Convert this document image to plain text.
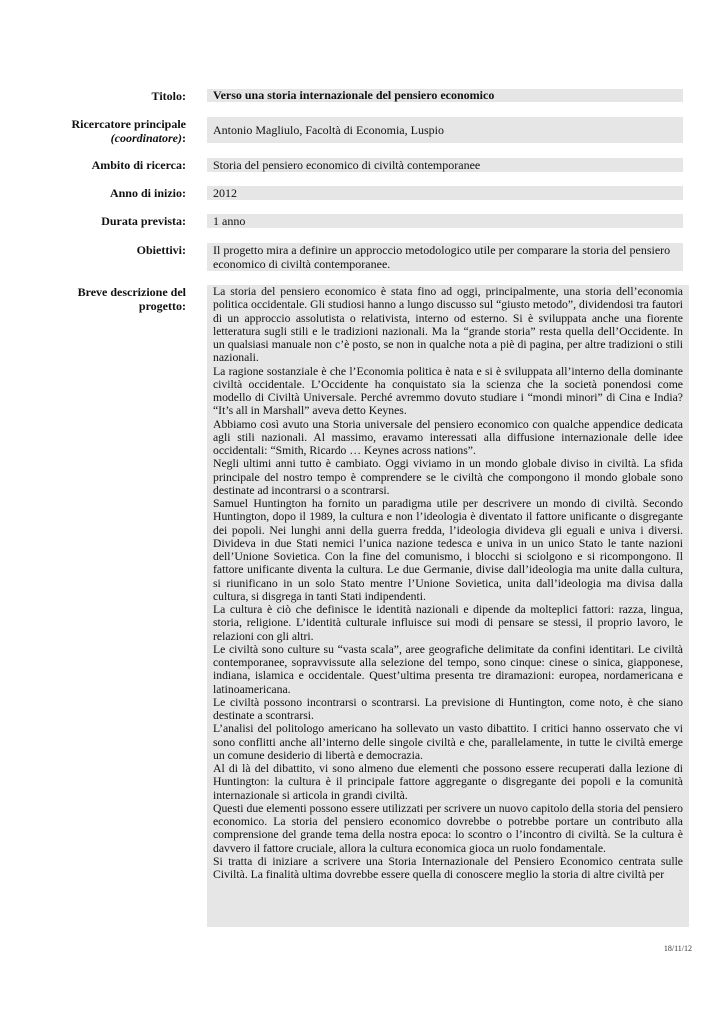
Titolo:	Verso una storia internazionale del pensiero economico
Ricercatore principale
(coordinatore):
Antonio Magliulo, Facoltà di Economia, Luspio
Ambito di ricerca:	Storia del pensiero economico di civiltà contemporanee
Anno di inizio:	2012
Durata prevista:	1 anno
Obiettivi:	Il progetto mira a definire un approccio metodologico utile per comparare la storia del pensiero economico di civiltà contemporanee.
Breve descrizione del progetto:

La storia del pensiero economico è stata fino ad oggi, principalmente, una storia dell’economia politica occidentale. Gli studiosi hanno a lungo discusso sul “giusto metodo”, dividendosi tra fautori di un approccio assolutista o relativista, interno od esterno. Si è sviluppata anche una fiorente letteratura sugli stili e le tradizioni nazionali. Ma la “grande storia” resta quella dell’Occidente. In un qualsiasi manuale non c’è posto, se non in qualche nota a piè di pagina, per altre tradizioni o stili nazionali.

La ragione sostanziale è che l’Economia politica è nata e si è sviluppata all’interno della dominante civiltà occidentale. L’Occidente ha conquistato sia la scienza che la società ponendosi come modello di Civiltà Universale. Perché avremmo dovuto studiare i “mondi minori” di Cina e India? “It’s all in Marshall” aveva detto Keynes.

Abbiamo così avuto una Storia universale del pensiero economico con qualche appendice dedicata agli stili nazionali. Al massimo, eravamo interessati alla diffusione internazionale delle idee occidentali: “Smith, Ricardo … Keynes across nations”.

Negli ultimi anni tutto è cambiato. Oggi viviamo in un mondo globale diviso in civiltà. La sfida principale del nostro tempo è comprendere se le civiltà che compongono il mondo globale sono destinate ad incontrarsi o a scontrarsi.

Samuel Huntington ha fornito un paradigma utile per descrivere un mondo di civiltà. Secondo Huntington, dopo il 1989, la cultura e non l’ideologia è diventato il fattore unificante o disgregante dei popoli. Nei lunghi anni della guerra fredda, l’ideologia divideva gli eguali e univa i diversi. Divideva in due Stati nemici l’unica nazione tedesca e univa in un unico Stato le tante nazioni dell’Unione Sovietica. Con la fine del comunismo, i blocchi si sciolgono e si ricompongono. Il fattore unificante diventa la cultura. Le due Germanie, divise dall’ideologia ma unite dalla cultura, si riunificano in un solo Stato mentre l’Unione Sovietica, unita dall’ideologia ma divisa dalla cultura, si disgrega in tanti Stati indipendenti.

La cultura è ciò che definisce le identità nazionali e dipende da molteplici fattori: razza, lingua, storia, religione. L’identità culturale influisce sui modi di pensare se stessi, il proprio lavoro, le relazioni con gli altri.

Le civiltà sono culture su “vasta scala”, aree geografiche delimitate da confini identitari. Le civiltà contemporanee, sopravvissute alla selezione del tempo, sono cinque: cinese o sinica, giapponese, indiana, islamica e occidentale. Quest’ultima presenta tre diramazioni: europea, nordamericana e latinoamericana.

Le civiltà possono incontrarsi o scontrarsi. La previsione di Huntington, come noto, è che siano destinate a scontrarsi.

L’analisi del politologo americano ha sollevato un vasto dibattito. I critici hanno osservato che vi sono conflitti anche all’interno delle singole civiltà e che, parallelamente, in tutte le civiltà emerge un comune desiderio di libertà e democrazia.

Al di là del dibattito, vi sono almeno due elementi che possono essere recuperati dalla lezione di Huntington: la cultura è il principale fattore aggregante o disgregante dei popoli e la comunità internazionale si articola in grandi civiltà.

Questi due elementi possono essere utilizzati per scrivere un nuovo capitolo della storia del pensiero economico. La storia del pensiero economico dovrebbe o potrebbe portare un contributo alla comprensione del grande tema della nostra epoca: lo scontro o l’incontro di civiltà. Se la cultura è davvero il fattore cruciale, allora la cultura economica gioca un ruolo fondamentale.

Si tratta di iniziare a scrivere una Storia Internazionale del Pensiero Economico centrata sulle Civiltà. La finalità ultima dovrebbe essere quella di conoscere meglio la storia di altre civiltà per

18/11/12
